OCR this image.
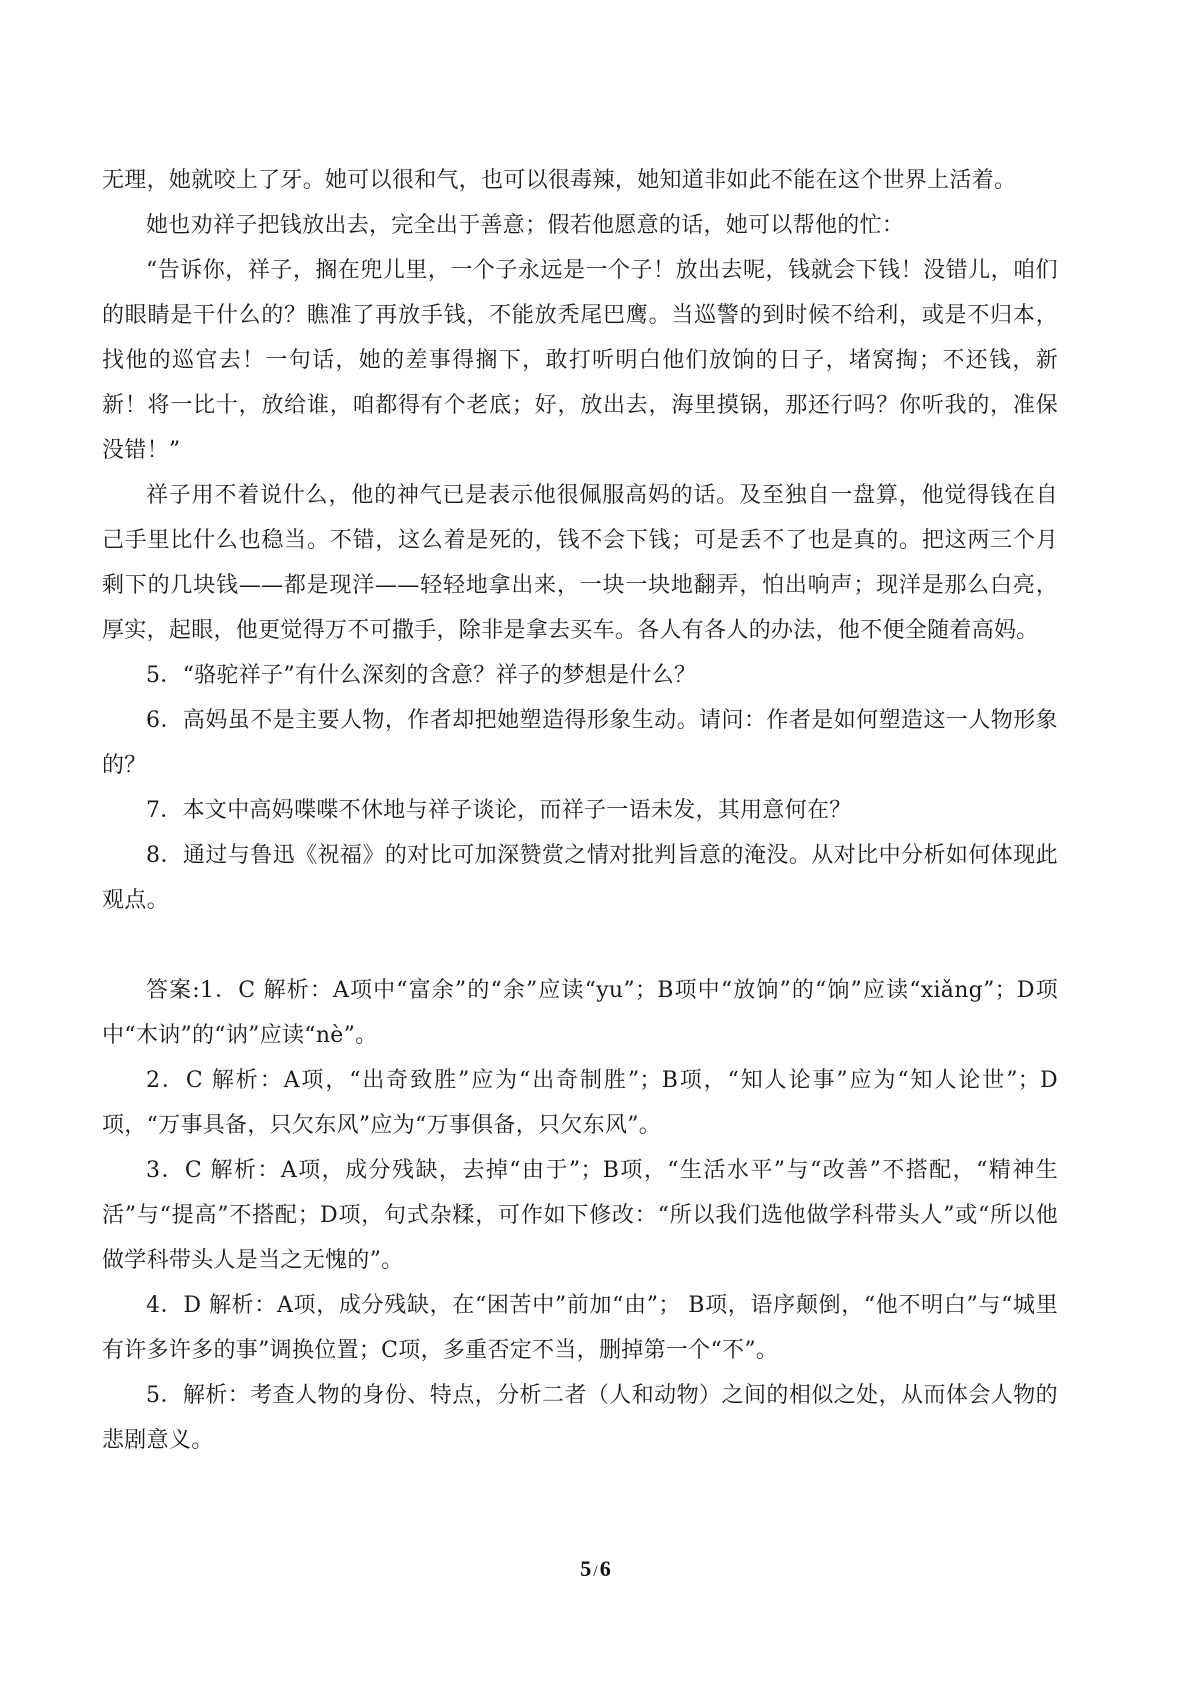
无理，她就咬上了牙。她可以很和气，也可以很毒辣，她知道非如此不能在这个世界上活着。

她也劝祥子把钱放出去，完全出于善意；假若他愿意的话，她可以帮他的忙：

“告诉你，祥子，搁在兜儿里，一个子永远是一个子！放出去呢，钱就会下钱！没错儿，咱们的眼睛是干什么的？瞧准了再放手钱，不能放秃尾巴鹰。当巡警的到时候不给利，或是不归本，找他的巡官去！一句话，她的差事得搁下，敢打听明白他们放饷的日子，堵窝掏；不还钱，新新！将一比十，放给谁，咱都得有个老底；好，放出去，海里摸锅，那还行吗？你听我的，准保没错！”

祥子用不着说什么，他的神气已是表示他很佩服高妈的话。及至独自一盘算，他觉得钱在自己手里比什么也稳当。不错，这么着是死的，钱不会下钱；可是丢不了也是真的。把这两三个月剩下的几块钱——都是现洋——轻轻地拿出来，一块一块地翻弄，怕出响声；现洋是那么白亮，厚实，起眼，他更觉得万不可撒手，除非是拿去买车。各人有各人的办法，他不便全随着高妈。

5．“骆驼祥子”有什么深刻的含意？祥子的梦想是什么？

6．高妈虽不是主要人物，作者却把她塑造得形象生动。请问：作者是如何塑造这一人物形象的？

7．本文中高妈喋喋不休地与祥子谈论，而祥子一语未发，其用意何在？

8．通过与鲁迅《祝福》的对比可加深赞赏之情对批判旨意的淹没。从对比中分析如何体现此观点。

答案:1．C 解析：A项中“富余”的“余”应读“yu”；B项中“放饷”的“饷”应读“xiǎng”；D项中“木讷”的“讷”应读“nè”。

2．C 解析：A项，“出奇致胜”应为“出奇制胜”；B项，“知人论事”应为“知人论世”；D项，“万事具备，只欠东风”应为“万事俱备，只欠东风”。

3．C 解析：A项，成分残缺，去掉“由于”；B项，“生活水平”与“改善”不搭配，“精神生活”与“提高”不搭配；D项，句式杂糅，可作如下修改：“所以我们选他做学科带头人”或“所以他做学科带头人是当之无愧的”。

4．D 解析：A项，成分残缺，在“困苦中”前加“由”； B项，语序颠倒，“他不明白”与“城里有许多许多的事”调换位置；C项，多重否定不当，删掉第一个“不”。

5．解析：考查人物的身份、特点，分析二者（人和动物）之间的相似之处，从而体会人物的悲剧意义。

5 /6
